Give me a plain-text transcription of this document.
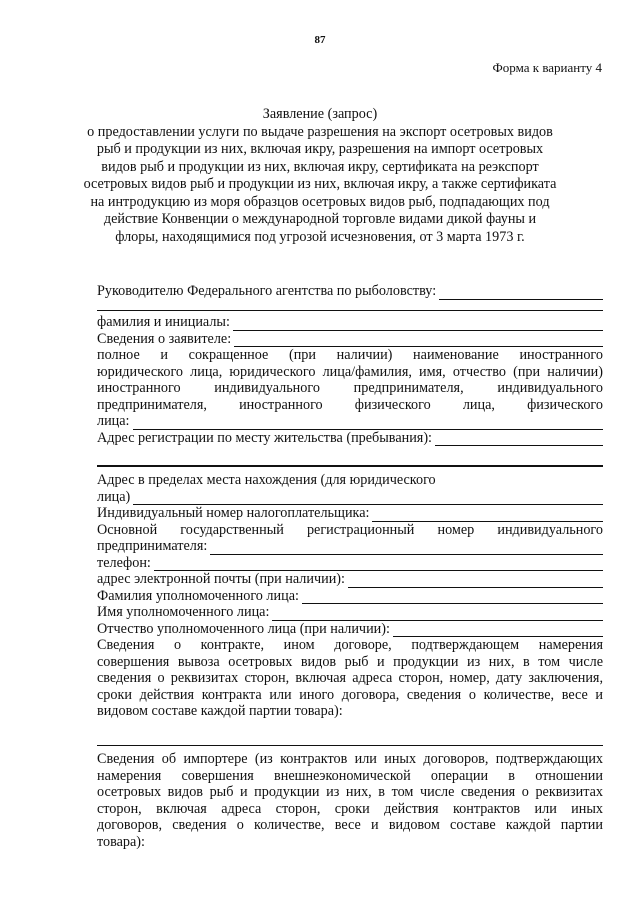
87
Форма к варианту 4
Заявление (запрос)
о предоставлении услуги по выдаче разрешения на экспорт осетровых видов
рыб и продукции из них, включая икру, разрешения на импорт осетровых
видов рыб и продукции из них, включая икру, сертификата на реэкспорт
осетровых видов рыб и продукции из них, включая икру, а также сертификата
на интродукцию из моря образцов осетровых видов рыб, подпадающих под
действие Конвенции о международной торговле видами дикой фауны и
флоры, находящимися под угрозой исчезновения, от 3 марта 1973 г.
Руководителю Федерального агентства по рыболовству:
фамилия и инициалы:
Сведения о заявителе:
полное и сокращенное (при наличии) наименование иностранного
юридического лица, юридического лица/фамилия, имя, отчество (при наличии)
иностранного индивидуального предпринимателя, индивидуального
предпринимателя, иностранного физического лица, физического
лица:
Адрес регистрации по месту жительства (пребывания):
Адрес в пределах места нахождения (для юридического
лица)
Индивидуальный номер налогоплательщика:
Основной государственный регистрационный номер индивидуального
предпринимателя:
телефон:
адрес электронной почты (при наличии):
Фамилия уполномоченного лица:
Имя уполномоченного лица:
Отчество уполномоченного лица (при наличии):
Сведения о контракте, ином договоре, подтверждающем намерения
совершения вывоза осетровых видов рыб и продукции из них, в том числе
сведения о реквизитах сторон, включая адреса сторон, номер, дату заключения,
сроки действия контракта или иного договора, сведения о количестве, весе и
видовом составе каждой партии товара):
Сведения об импортере (из контрактов или иных договоров, подтверждающих
намерения совершения внешнеэкономической операции в отношении
осетровых видов рыб и продукции из них, в том числе сведения о реквизитах
сторон, включая адреса сторон, сроки действия контрактов или иных
договоров, сведения о количестве, весе и видовом составе каждой партии
товара):
